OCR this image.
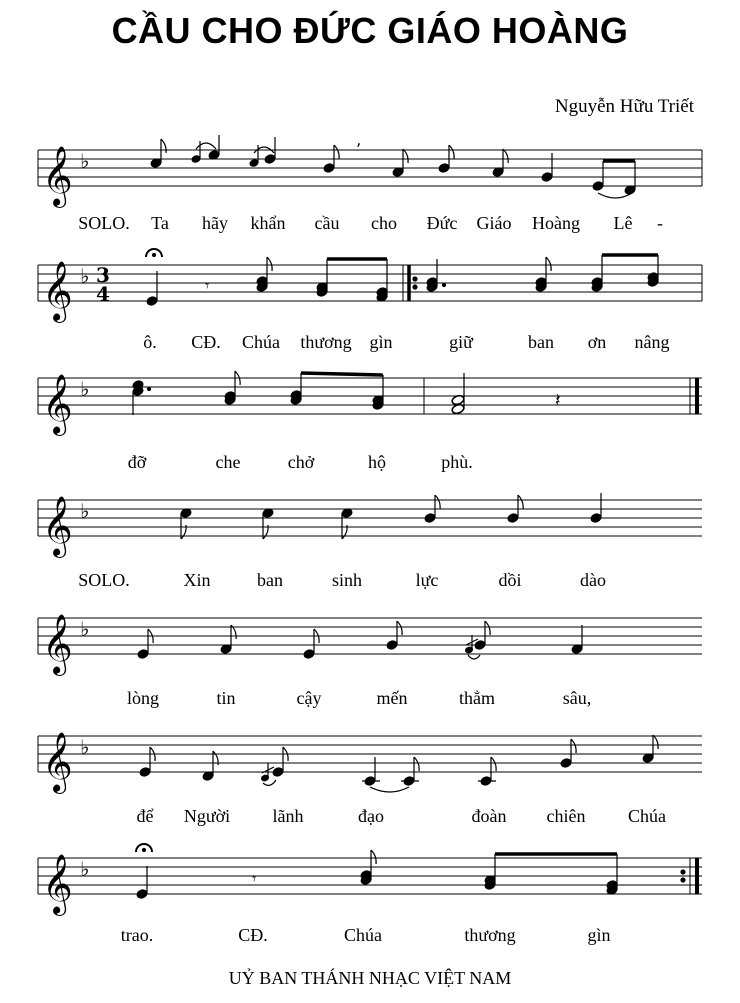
CẦU CHO ĐỨC GIÁO HOÀNG
Nguyễn Hữu Triết
𝄞 ♭	ʼ
SOLO. Ta hãy khẩn cầu cho Đức Giáo Hoàng Lê -
𝄞 ♭ 3
4	𝄾
ô. CĐ. Chúa thương gìn	giữ	ban ơn nâng
𝄞 ♭	𝄽
đỡ	che	chở	hộ	phù.
𝄞 ♭
SOLO.	Xin	ban	sinh	lực	dồi	dào
𝄞 ♭
lòng	tin	cậy	mến	thẳm	sâu,
𝄞 ♭
để Người lãnh	đạo	đoàn chiên Chúa
𝄞 ♭	𝄾
trao.	CĐ.	Chúa	thương	gìn
UỶ BAN THÁNH NHẠC VIỆT NAM
